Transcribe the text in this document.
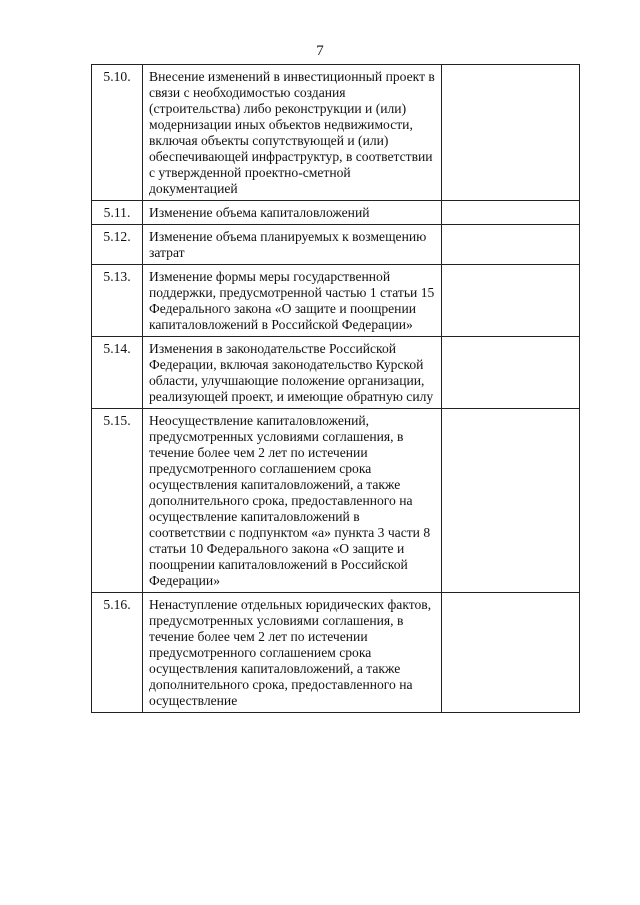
7
5.10.	Внесение изменений в инвестиционный проект в связи с необходимостью создания (строительства) либо реконструкции и (или) модернизации иных объектов недвижимости, включая объекты сопутствующей и (или) обеспечивающей инфраструктур, в соответствии с утвержденной проектно-сметной документацией	
5.11.	Изменение объема капиталовложений	
5.12.	Изменение объема планируемых к возмещению затрат	
5.13.	Изменение формы меры государственной поддержки, предусмотренной частью 1 статьи 15 Федерального закона «О защите и поощрении капиталовложений в Российской Федерации»	
5.14.	Изменения в законодательстве Российской Федерации, включая законодательство Курской области, улучшающие положение организации, реализующей проект, и имеющие обратную силу	
5.15.	Неосуществление капиталовложений, предусмотренных условиями соглашения, в течение более чем 2 лет по истечении предусмотренного соглашением срока осуществления капиталовложений, а также дополнительного срока, предоставленного на осуществление капиталовложений в соответствии с подпунктом «а» пункта 3 части 8 статьи 10 Федерального закона «О защите и поощрении капиталовложений в Российской Федерации»	
5.16.	Ненаступление отдельных юридических фактов, предусмотренных условиями соглашения, в течение более чем 2 лет по истечении предусмотренного соглашением срока осуществления капиталовложений, а также дополнительного срока, предоставленного на осуществление	
